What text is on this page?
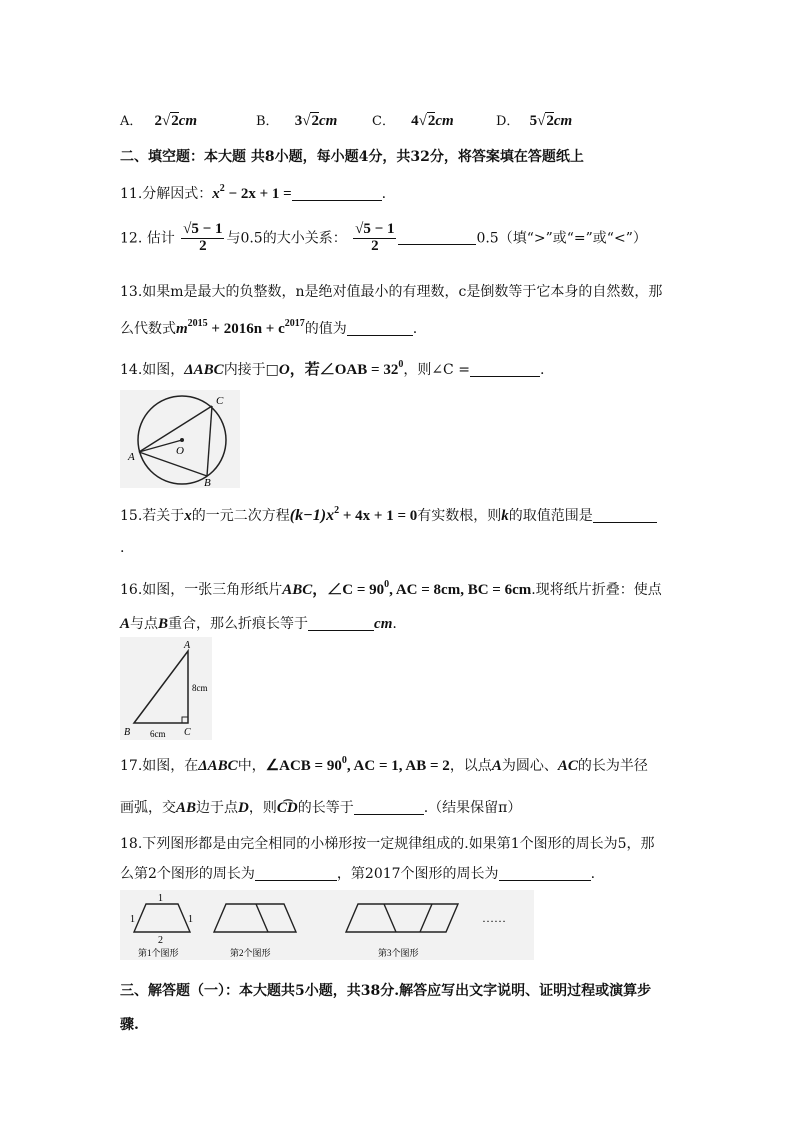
A． 2√2cm	B． 3√2cm	C． 4√2cm	D． 5√2cm
二、填空题：本大题 共8小题，每小题4分，共32分，将答案填在答题纸上
11.分解因式：$x^2 - 2x + 1$ =	.
12. 估计 $\frac{√5 - 1}{2}$ 与0.5的大小关系： $\frac{√5 - 1}{2}$	0.5（填“>”或“=”或“<”）
13.如果m是最大的负整数，n是绝对值最小的有理数，c是倒数等于它本身的自然数，那
么代数式$m^{2015} + 2016n + c^{2017}$的值为	.
14.如图，ΔABC内接于□O，若∠OAB = $32^0$，则∠C =	.
A
B
C
O
15.若关于x的一元二次方程$(k-1)x^2 + 4x + 1 = 0$有实数根，则k的取值范围是
.
16.如图，一张三角形纸片ABC，∠C = $90^0$, AC = 8cm, BC = 6cm.现将纸片折叠：使点
A与点B重合，那么折痕长等于	cm.
A
B	C
8cm
6cm
17.如图，在ΔABC中，∠ACB = $90^0$, AC = 1, AB = 2，以点A为圆心、AC的长为半径
画弧，交AB边于点D，则C͡D的长等于	.（结果保留π）
18.下列图形都是由完全相同的小梯形按一定规律组成的.如果第1个图形的周长为5，那
么第2个图形的周长为	，第2017个图形的周长为	.
1
1	1
2
第1个图形	第2个图形	第3个图形
……
三、解答题（一）：本大题共5小题，共38分.解答应写出文字说明、证明过程或演算步
骤.
